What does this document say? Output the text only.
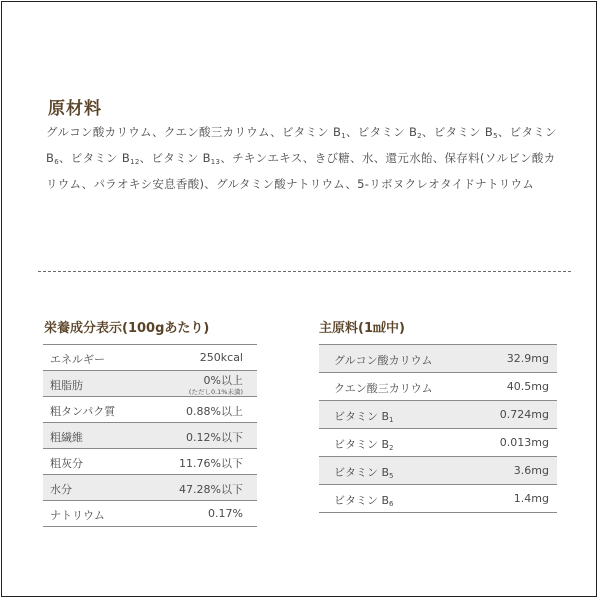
原材料
グルコン酸カリウム、クエン酸三カリウム、ビタミン $B_1$、ビタミン $B_2$、ビタミン $B_5$、ビタミン $B_6$、ビタミン $B_{12}$、ビタミン $B_{13}$、チキンエキス、きび糖、水、還元水飴、保存料(ソルビン酸カリウム、パラオキシ安息香酸)、グルタミン酸ナトリウム、5-リボヌクレオタイドナトリウム
栄養成分表示(100gあたり)	主原料(1㎖中)
エネルギー	250kcal
粗脂肪	0%以上
(ただし0.1%未満)
粗タンパク質	0.88%以上
粗繊維	0.12%以下
粗灰分	11.76%以下
水分	47.28%以下
ナトリウム	0.17%
グルコン酸カリウム	32.9mg
クエン酸三カリウム	40.5mg
ビタミン $B_1$	0.724mg
ビタミン $B_2$	0.013mg
ビタミン $B_5$	3.6mg
ビタミン $B_6$	1.4mg
